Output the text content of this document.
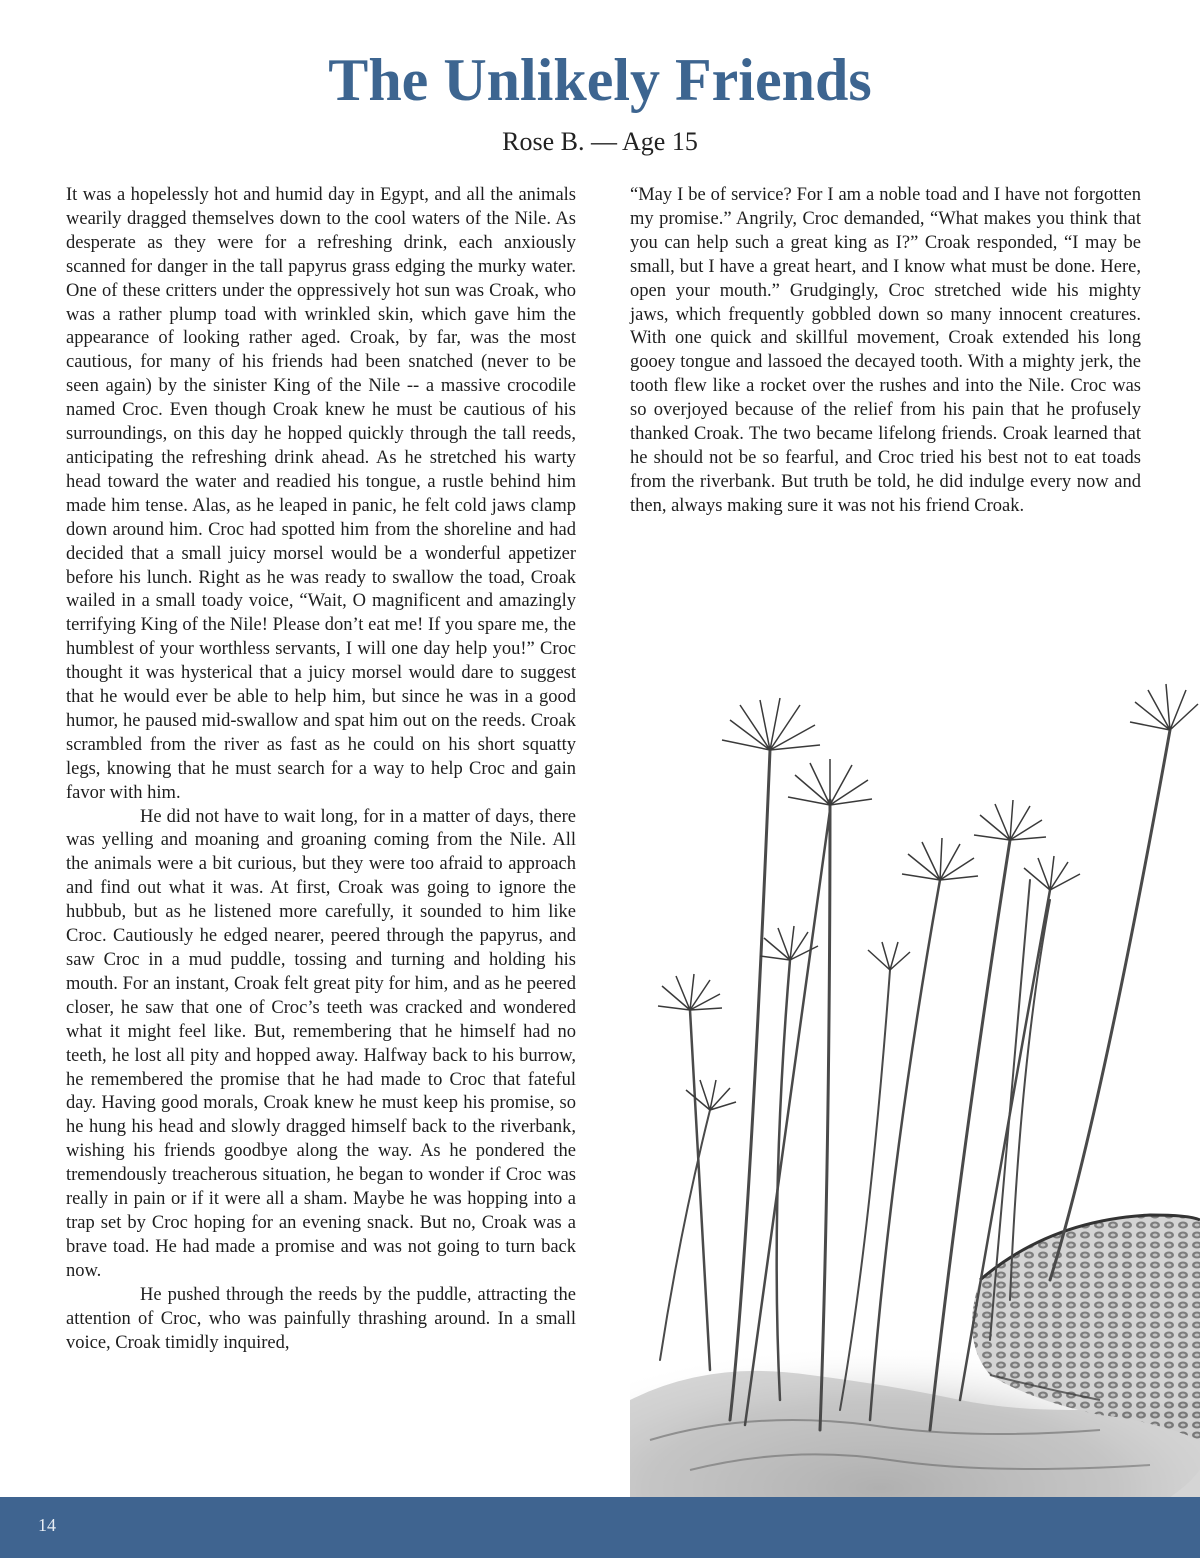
The Unlikely Friends
Rose B. — Age 15

It was a hopelessly hot and humid day in Egypt, and all the animals wearily dragged themselves down to the cool waters of the Nile. As desperate as they were for a refreshing drink, each anxiously scanned for danger in the tall papyrus grass edging the murky water. One of these critters under the oppressively hot sun was Croak, who was a rather plump toad with wrinkled skin, which gave him the appearance of looking rather aged. Croak, by far, was the most cautious, for many of his friends had been snatched (never to be seen again) by the sinister King of the Nile -- a massive crocodile named Croc. Even though Croak knew he must be cautious of his surroundings, on this day he hopped quickly through the tall reeds, anticipating the refreshing drink ahead. As he stretched his warty head toward the water and readied his tongue, a rustle behind him made him tense. Alas, as he leaped in panic, he felt cold jaws clamp down around him. Croc had spotted him from the shoreline and had decided that a small juicy morsel would be a wonderful appetizer before his lunch. Right as he was ready to swallow the toad, Croak wailed in a small toady voice, “Wait, O magnificent and amazingly terrifying King of the Nile! Please don’t eat me! If you spare me, the humblest of your worthless servants, I will one day help you!” Croc thought it was hysterical that a juicy morsel would dare to suggest that he would ever be able to help him, but since he was in a good humor, he paused mid-swallow and spat him out on the reeds. Croak scrambled from the river as fast as he could on his short squatty legs, knowing that he must search for a way to help Croc and gain favor with him.

He did not have to wait long, for in a matter of days, there was yelling and moaning and groaning coming from the Nile. All the animals were a bit curious, but they were too afraid to approach and find out what it was. At first, Croak was going to ignore the hubbub, but as he listened more carefully, it sounded to him like Croc. Cautiously he edged nearer, peered through the papyrus, and saw Croc in a mud puddle, tossing and turning and holding his mouth. For an instant, Croak felt great pity for him, and as he peered closer, he saw that one of Croc’s teeth was cracked and wondered what it might feel like. But, remembering that he himself had no teeth, he lost all pity and hopped away. Halfway back to his burrow, he remembered the promise that he had made to Croc that fateful day. Having good morals, Croak knew he must keep his promise, so he hung his head and slowly dragged himself back to the riverbank, wishing his friends goodbye along the way. As he pondered the tremendously treacherous situation, he began to wonder if Croc was really in pain or if it were all a sham. Maybe he was hopping into a trap set by Croc hoping for an evening snack. But no, Croak was a brave toad. He had made a promise and was not going to turn back now.

He pushed through the reeds by the puddle, attracting the attention of Croc, who was painfully thrashing around. In a small voice, Croak timidly inquired,

“May I be of service? For I am a noble toad and I have not forgotten my promise.” Angrily, Croc demanded, “What makes you think that you can help such a great king as I?” Croak responded, “I may be small, but I have a great heart, and I know what must be done. Here, open your mouth.” Grudgingly, Croc stretched wide his mighty jaws, which frequently gobbled down so many innocent creatures. With one quick and skillful movement, Croak extended his long gooey tongue and lassoed the decayed tooth. With a mighty jerk, the tooth flew like a rocket over the rushes and into the Nile. Croc was so overjoyed because of the relief from his pain that he profusely thanked Croak. The two became lifelong friends. Croak learned that he should not be so fearful, and Croc tried his best not to eat toads from the riverbank. But truth be told, he did indulge every now and then, always making sure it was not his friend Croak.

14
